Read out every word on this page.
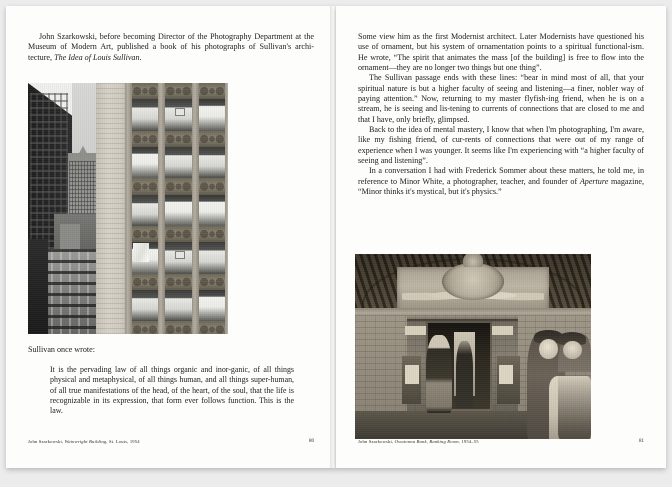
John Szarkowski, before becoming Director of the Photography Department at the Museum of Modern Art, published a book of his photographs of Sullivan's archi-tecture, The Idea of Louis Sullivan.

Sullivan once wrote:

It is the pervading law of all things organic and inor-ganic, of all things physical and metaphysical, of all things human, and all things super-human, of all true manifestations of the head, of the heart, of the soul, that the life is recognizable in its expression, that form ever follows function. This is the law.

John Szarkowski, Wainwright Building, St. Louis, 1954	80

Some view him as the first Modernist architect. Later Modernists have questioned his use of ornament, but his system of ornamentation points to a spiritual functional-ism. He wrote, “The spirit that animates the mass [of the building] is free to flow into the ornament—they are no longer two things but one thing”.

The Sullivan passage ends with these lines: “bear in mind most of all, that your spiritual nature is but a higher faculty of seeing and listening—a finer, nobler way of paying attention.” Now, returning to my master flyfish-ing friend, when he is on a stream, he is seeing and lis-tening to currents of connections that are closed to me and that I have, only briefly, glimpsed.

Back to the idea of mental mastery, I know that when I'm photographing, I'm aware, like my fishing friend, of cur-rents of connections that were out of my range of experience when I was younger. It seems like I'm experiencing with “a higher faculty of seeing and listening”.

In a conversation I had with Frederick Sommer about these matters, he told me, in reference to Minor White, a photographer, teacher, and founder of Aperture magazine, “Minor thinks it's mystical, but it's physics.”

John Szarkowski, Owatonna Bank, Banking Room, 1954–55	81
